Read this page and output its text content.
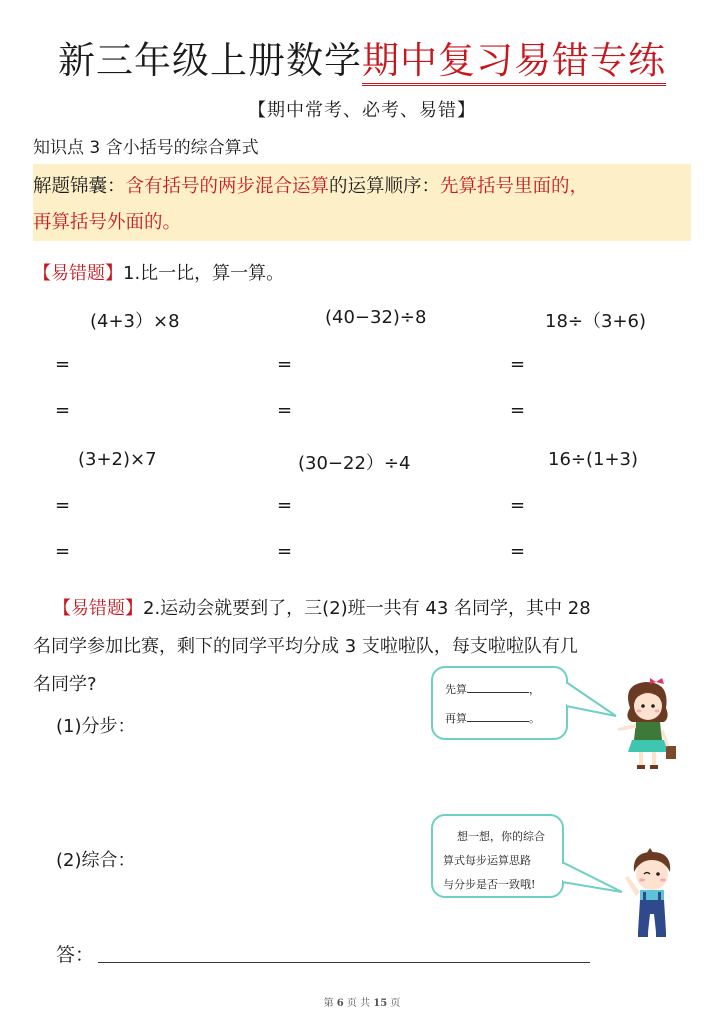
新三年级上册数学期中复习易错专练
【期中常考、必考、易错】
知识点 3 含小括号的综合算式
解题锦囊：含有括号的两步混合运算的运算顺序：先算括号里面的，
再算括号外面的。
【易错题】1.比一比，算一算。
(4+3）×8	(40−32)÷8	18÷（3+6)
=	=	=
=	=	=
(3+2)×7	(30−22）÷4	16÷(1+3)
=	=	=
=	=	=
【易错题】2.运动会就要到了，三(2)班一共有 43 名同学，其中 28
名同学参加比赛，剩下的同学平均分成 3 支啦啦队，每支啦啦队有几
名同学?
(1)分步：
(2)综合：
答：
先算	，
再算	。
想一想，你的综合
算式每步运算思路
与分步是否一致哦!
第 6 页 共 15 页
